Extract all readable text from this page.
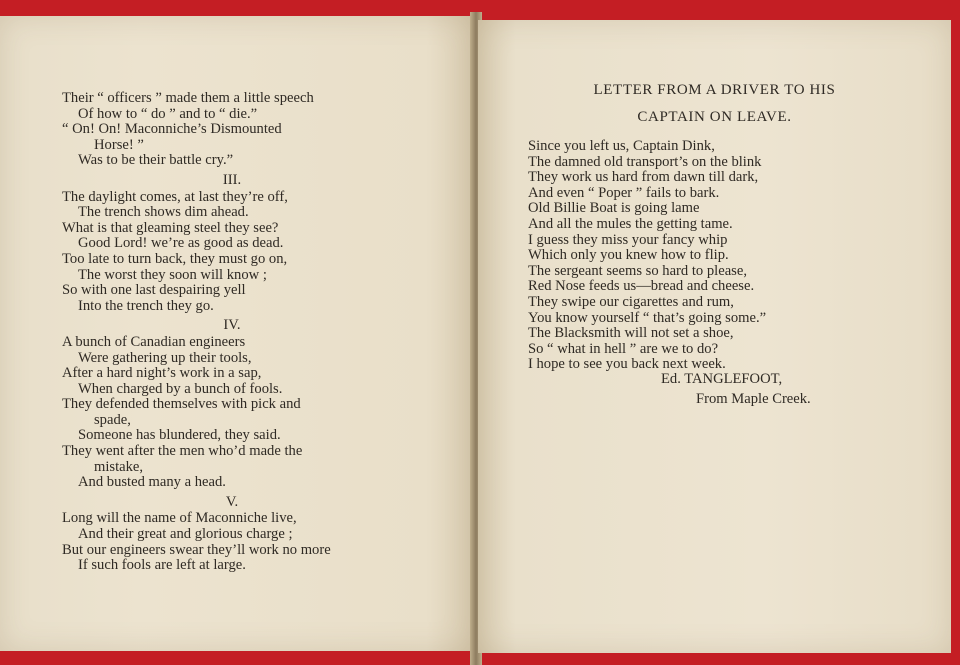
Their “ officers ” made them a little speech
Of how to “ do ” and to “ die.”
“ On! On! Maconniche’s Dismounted
Horse! ”
Was to be their battle cry.”
III.
The daylight comes, at last they’re off,
The trench shows dim ahead.
What is that gleaming steel they see?
Good Lord! we’re as good as dead.
Too late to turn back, they must go on,
The worst they soon will know ;
So with one last despairing yell
Into the trench they go.
IV.
A bunch of Canadian engineers
Were gathering up their tools,
After a hard night’s work in a sap,
When charged by a bunch of fools.
They defended themselves with pick and
spade,
Someone has blundered, they said.
They went after the men who’d made the
mistake,
And busted many a head.
V.
Long will the name of Maconniche live,
And their great and glorious charge ;
But our engineers swear they’ll work no more
If such fools are left at large.
LETTER FROM A DRIVER TO HIS
CAPTAIN ON LEAVE.
Since you left us, Captain Dink,
The damned old transport’s on the blink
They work us hard from dawn till dark,
And even “ Poper ” fails to bark.
Old Billie Boat is going lame
And all the mules the getting tame.
I guess they miss your fancy whip
Which only you knew how to flip.
The sergeant seems so hard to please,
Red Nose feeds us—bread and cheese.
They swipe our cigarettes and rum,
You know yourself “ that’s going some.”
The Blacksmith will not set a shoe,
So “ what in hell ” are we to do?
I hope to see you back next week.
Ed. TANGLEFOOT,
From Maple Creek.
